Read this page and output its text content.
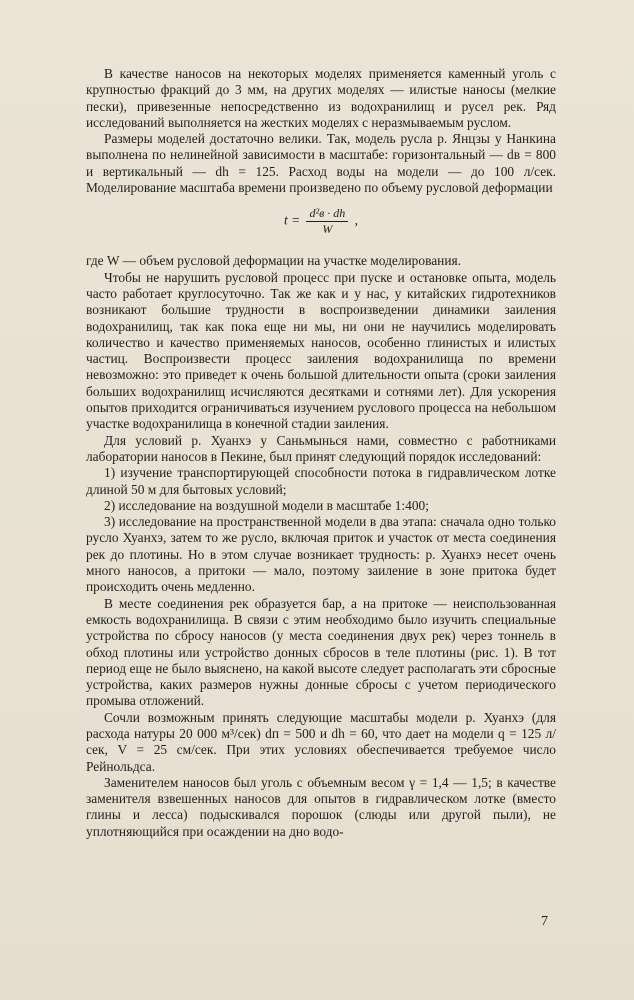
В качестве наносов на некоторых моделях применяется каменный уголь с крупностью фракций до 3 мм, на других моделях — илистые наносы (мелкие пески), привезенные непосредственно из водохранилищ и русел рек. Ряд исследований выполняется на жестких моделях с неразмываемым руслом.

Размеры моделей достаточно велики. Так, модель русла р. Янцзы у Нанкина выполнена по нелинейной зависимости в масштабе: горизонтальный — dв = 800 и вертикальный — dh = 125. Расход воды на модели — до 100 л/сек. Моделирование масштаба времени произведено по объему русловой деформации

$t = \frac{\text{d²в · dh}}{W}$ ,

где W — объем русловой деформации на участке моделирования.

Чтобы не нарушить русловой процесс при пуске и остановке опыта, модель часто работает круглосуточно. Так же как и у нас, у китайских гидротехников возникают большие трудности в воспроизведении динамики заиления водохранилищ, так как пока еще ни мы, ни они не научились моделировать количество и качество применяемых наносов, особенно глинистых и илистых частиц. Воспроизвести процесс заиления водохранилища по времени невозможно: это приведет к очень большой длительности опыта (сроки заиления больших водохранилищ исчисляются десятками и сотнями лет). Для ускорения опытов приходится ограничиваться изучением руслового процесса на небольшом участке водохранилища в конечной стадии заиления.

Для условий р. Хуанхэ у Саньмынься нами, совместно с работниками лаборатории наносов в Пекине, был принят следующий порядок исследований:

1) изучение транспортирующей способности потока в гидравлическом лотке длиной 50 м для бытовых условий;

2) исследование на воздушной модели в масштабе 1:400;

3) исследование на пространственной модели в два этапа: сначала одно только русло Хуанхэ, затем то же русло, включая приток и участок от места соединения рек до плотины. Но в этом случае возникает трудность: р. Хуанхэ несет очень много наносов, а притоки — мало, поэтому заиление в зоне притока будет происходить очень медленно.

В месте соединения рек образуется бар, а на притоке — неиспользованная емкость водохранилища. В связи с этим необходимо было изучить специальные устройства по сбросу наносов (у места соединения двух рек) через тоннель в обход плотины или устройство донных сбросов в теле плотины (рис. 1). В тот период еще не было выяснено, на какой высоте следует располагать эти сбросные устройства, каких размеров нужны донные сбросы с учетом периодического промыва отложений.

Сочли возможным принять следующие масштабы модели р. Хуанхэ (для расхода натуры 20 000 м³/сек) dп = 500 и dh = 60, что дает на модели q = 125 л/сек, V = 25 см/сек. При этих условиях обеспечивается требуемое число Рейнольдса.

Заменителем наносов был уголь с объемным весом γ = 1,4 — 1,5; в качестве заменителя взвешенных наносов для опытов в гидравлическом лотке (вместо глины и лесса) подыскивался порошок (слюды или другой пыли), не уплотняющийся при осаждении на дно водо-

7
